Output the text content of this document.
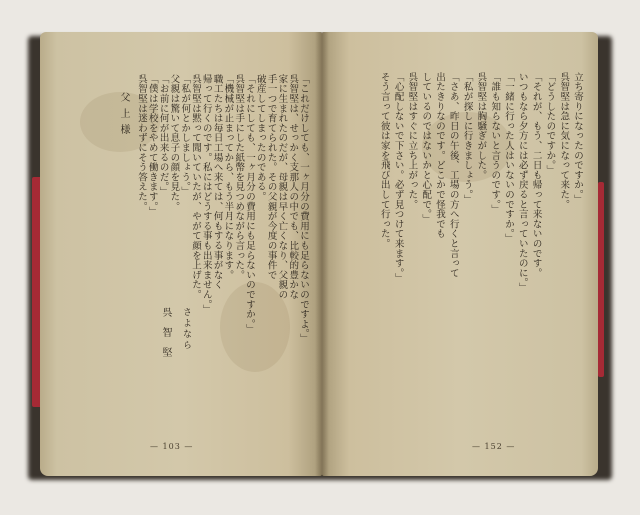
「これだけしても、一ヶ月分の費用にも足らないのですよ。」
呉智堅は、せっかく支那人の中でも、比較的豊かな
家に生まれたのだが、母親は早く亡くなり、父親の
手一つで育てられた。その父親が今度の事件で
破産してしまったのである。
「それにしても、一ヶ月分の費用にも足らないのですか。」
呉智堅は手にした紙幣を見つめながら言った。
「機械が止まってから、もう半月になります。
職工たちは毎日工場へ来ては、何もする事がなく
帰って行くのです。私にはどうする事も出来ません。」
呉智堅は黙って聞いていたが、やがて顔を上げた。
「私が何とかしましょう。」
父親は驚いて息子の顔を見た。
「お前に何が出来るのだ。」
「僕は学校をやめて働きます。」
呉智堅は迷わずにそう答えた。
父上様
呉智堅
さよなら
— 103 —
立ち寄りになったのですか。」
呉智堅は急に気になって来た。
「どうしたのですか。」
「それが、もう、二日も帰って来ないのです。
いつもなら夕方には必ず戻ると言っていたのに。」
「一緒に行った人はいないのですか。」
「誰も知らないと言うのです。」
呉智堅は胸騒ぎがした。
「私が探しに行きましょう。」
「さあ、昨日の午後、工場の方へ行くと言って
出たきりなのです。どこかで怪我でも
しているのではないかと心配で。」
呉智堅はすぐに立ち上がった。
「心配しないで下さい。必ず見つけて来ます。」
そう言って彼は家を飛び出して行った。
— 152 —
